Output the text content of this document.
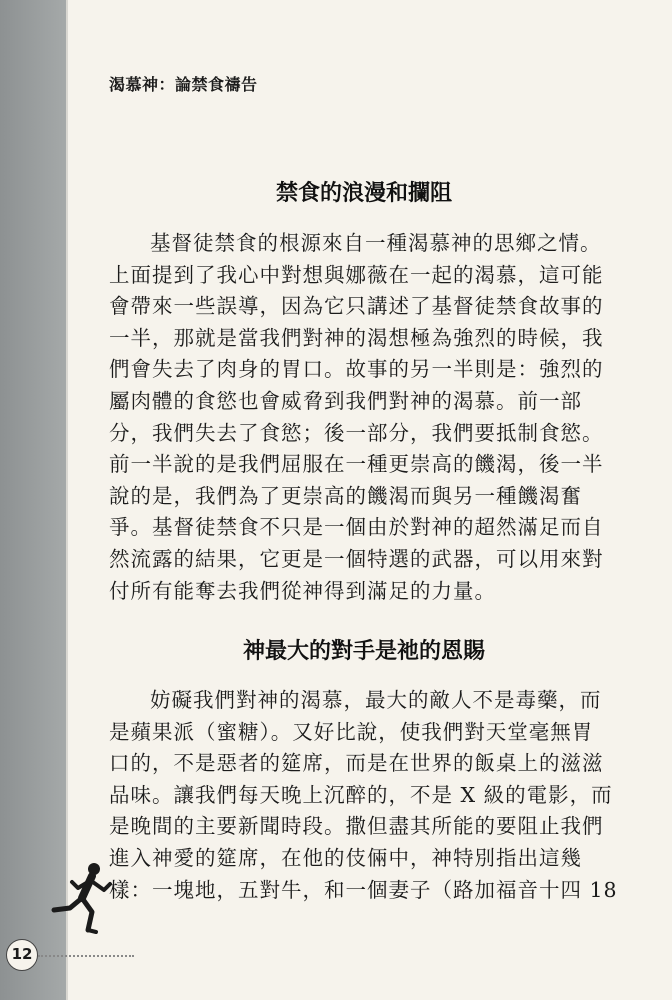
渴慕神：論禁食禱告
禁食的浪漫和攔阻
基督徒禁食的根源來自一種渴慕神的思鄉之情。
上面提到了我心中對想與娜薇在一起的渴慕，這可能
會帶來一些誤導，因為它只講述了基督徒禁食故事的
一半，那就是當我們對神的渴想極為強烈的時候，我
們會失去了肉身的胃口。故事的另一半則是：強烈的
屬肉體的食慾也會威脅到我們對神的渴慕。前一部
分，我們失去了食慾；後一部分，我們要抵制食慾。
前一半說的是我們屈服在一種更崇高的饑渴，後一半
說的是，我們為了更崇高的饑渴而與另一種饑渴奮
爭。基督徒禁食不只是一個由於對神的超然滿足而自
然流露的結果，它更是一個特選的武器，可以用來對
付所有能奪去我們從神得到滿足的力量。
神最大的對手是祂的恩賜
妨礙我們對神的渴慕，最大的敵人不是毒藥，而
是蘋果派（蜜糖）。又好比說，使我們對天堂毫無胃
口的，不是惡者的筵席，而是在世界的飯桌上的滋滋
品味。讓我們每天晚上沉醉的，不是 X 級的電影，而
是晚間的主要新聞時段。撒但盡其所能的要阻止我們
進入神愛的筵席，在他的伎倆中，神特別指出這幾
樣：一塊地，五對牛，和一個妻子（路加福音十四 18
12
